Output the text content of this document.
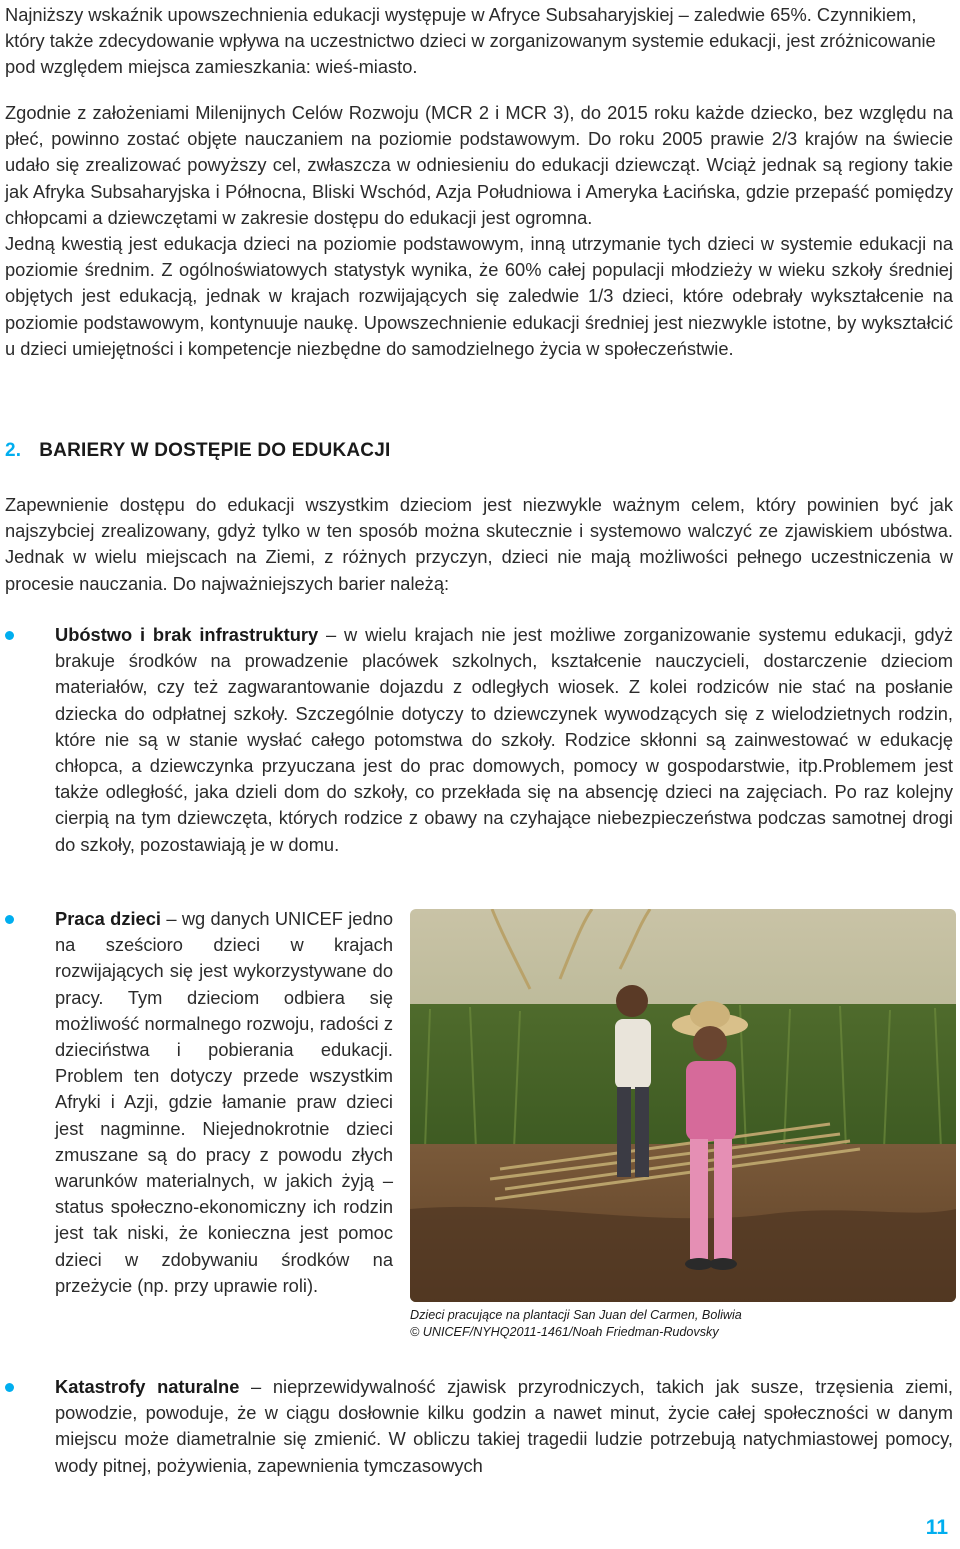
Najniższy wskaźnik upowszechnienia edukacji występuje w Afryce Subsaharyjskiej – zaledwie 65%. Czynnikiem, który także zdecydowanie wpływa na uczestnictwo dzieci w zorganizowanym systemie edukacji, jest zróżnicowanie pod względem miejsca zamieszkania: wieś-miasto.

Zgodnie z założeniami Milenijnych Celów Rozwoju (MCR 2 i MCR 3), do 2015 roku każde dziecko, bez względu na płeć, powinno zostać objęte nauczaniem na poziomie podstawowym. Do roku 2005 prawie 2/3 krajów na świecie udało się zrealizować powyższy cel, zwłaszcza w odniesieniu do edukacji dziewcząt. Wciąż jednak są regiony takie jak Afryka Subsaharyjska i Północna, Bliski Wschód, Azja Południowa i Ameryka Łacińska, gdzie przepaść pomiędzy chłopcami a dziewczętami w zakresie dostępu do edukacji jest ogromna.

Jedną kwestią jest edukacja dzieci na poziomie podstawowym, inną utrzymanie tych dzieci w systemie edukacji na poziomie średnim. Z ogólnoświatowych statystyk wynika, że 60% całej populacji młodzieży w wieku szkoły średniej objętych jest edukacją, jednak w krajach rozwijających się zaledwie 1/3 dzieci, które odebrały wykształcenie na poziomie podstawowym, kontynuuje naukę. Upowszechnienie edukacji średniej jest niezwykle istotne, by wykształcić u dzieci umiejętności i kompetencje niezbędne do samodzielnego życia w społeczeństwie.

2. BARIERY W DOSTĘPIE DO EDUKACJI

Zapewnienie dostępu do edukacji wszystkim dzieciom jest niezwykle ważnym celem, który powinien być jak najszybciej zrealizowany, gdyż tylko w ten sposób można skutecznie i systemowo walczyć ze zjawiskiem ubóstwa. Jednak w wielu miejscach na Ziemi, z różnych przyczyn, dzieci nie mają możliwości pełnego uczestniczenia w procesie nauczania. Do najważniejszych barier należą:

Ubóstwo i brak infrastruktury – w wielu krajach nie jest możliwe zorganizowanie systemu edukacji, gdyż brakuje środków na prowadzenie placówek szkolnych, kształcenie nauczycieli, dostarczenie dzieciom materiałów, czy też zagwarantowanie dojazdu z odległych wiosek. Z kolei rodziców nie stać na posłanie dziecka do odpłatnej szkoły. Szczególnie dotyczy to dziewczynek wywodzących się z wielodzietnych rodzin, które nie są w stanie wysłać całego potomstwa do szkoły. Rodzice skłonni są zainwestować w edukację chłopca, a dziewczynka przyuczana jest do prac domowych, pomocy w gospodarstwie, itp.Problemem jest także odległość, jaka dzieli dom do szkoły, co przekłada się na absencję dzieci na zajęciach. Po raz kolejny cierpią na tym dziewczęta, których rodzice z obawy na czyhające niebezpieczeństwa podczas samotnej drogi do szkoły, pozostawiają je w domu.

Praca dzieci – wg danych UNICEF jedno na sześcioro dzieci w krajach rozwijających się jest wykorzystywane do pracy. Tym dzieciom odbiera się możliwość normalnego rozwoju, radości z dzieciństwa i pobierania edukacji. Problem ten dotyczy przede wszystkim Afryki i Azji, gdzie łamanie praw dzieci jest nagminne. Niejednokrotnie dzieci zmuszane są do pracy z powodu złych warunków materialnych, w jakich żyją – status społeczno-ekonomiczny ich rodzin jest tak niski, że konieczna jest pomoc dzieci w zdobywaniu środków na przeżycie (np. przy uprawie roli).

Dzieci pracujące na plantacji San Juan del Carmen, Boliwia
© UNICEF/NYHQ2011-1461/Noah Friedman-Rudovsky

Katastrofy naturalne – nieprzewidywalność zjawisk przyrodniczych, takich jak susze, trzęsienia ziemi, powodzie, powoduje, że w ciągu dosłownie kilku godzin a nawet minut, życie całej społeczności w danym miejscu może diametralnie się zmienić. W obliczu takiej tragedii ludzie potrzebują natychmiastowej pomocy, wody pitnej, pożywienia, zapewnienia tymczasowych

11
